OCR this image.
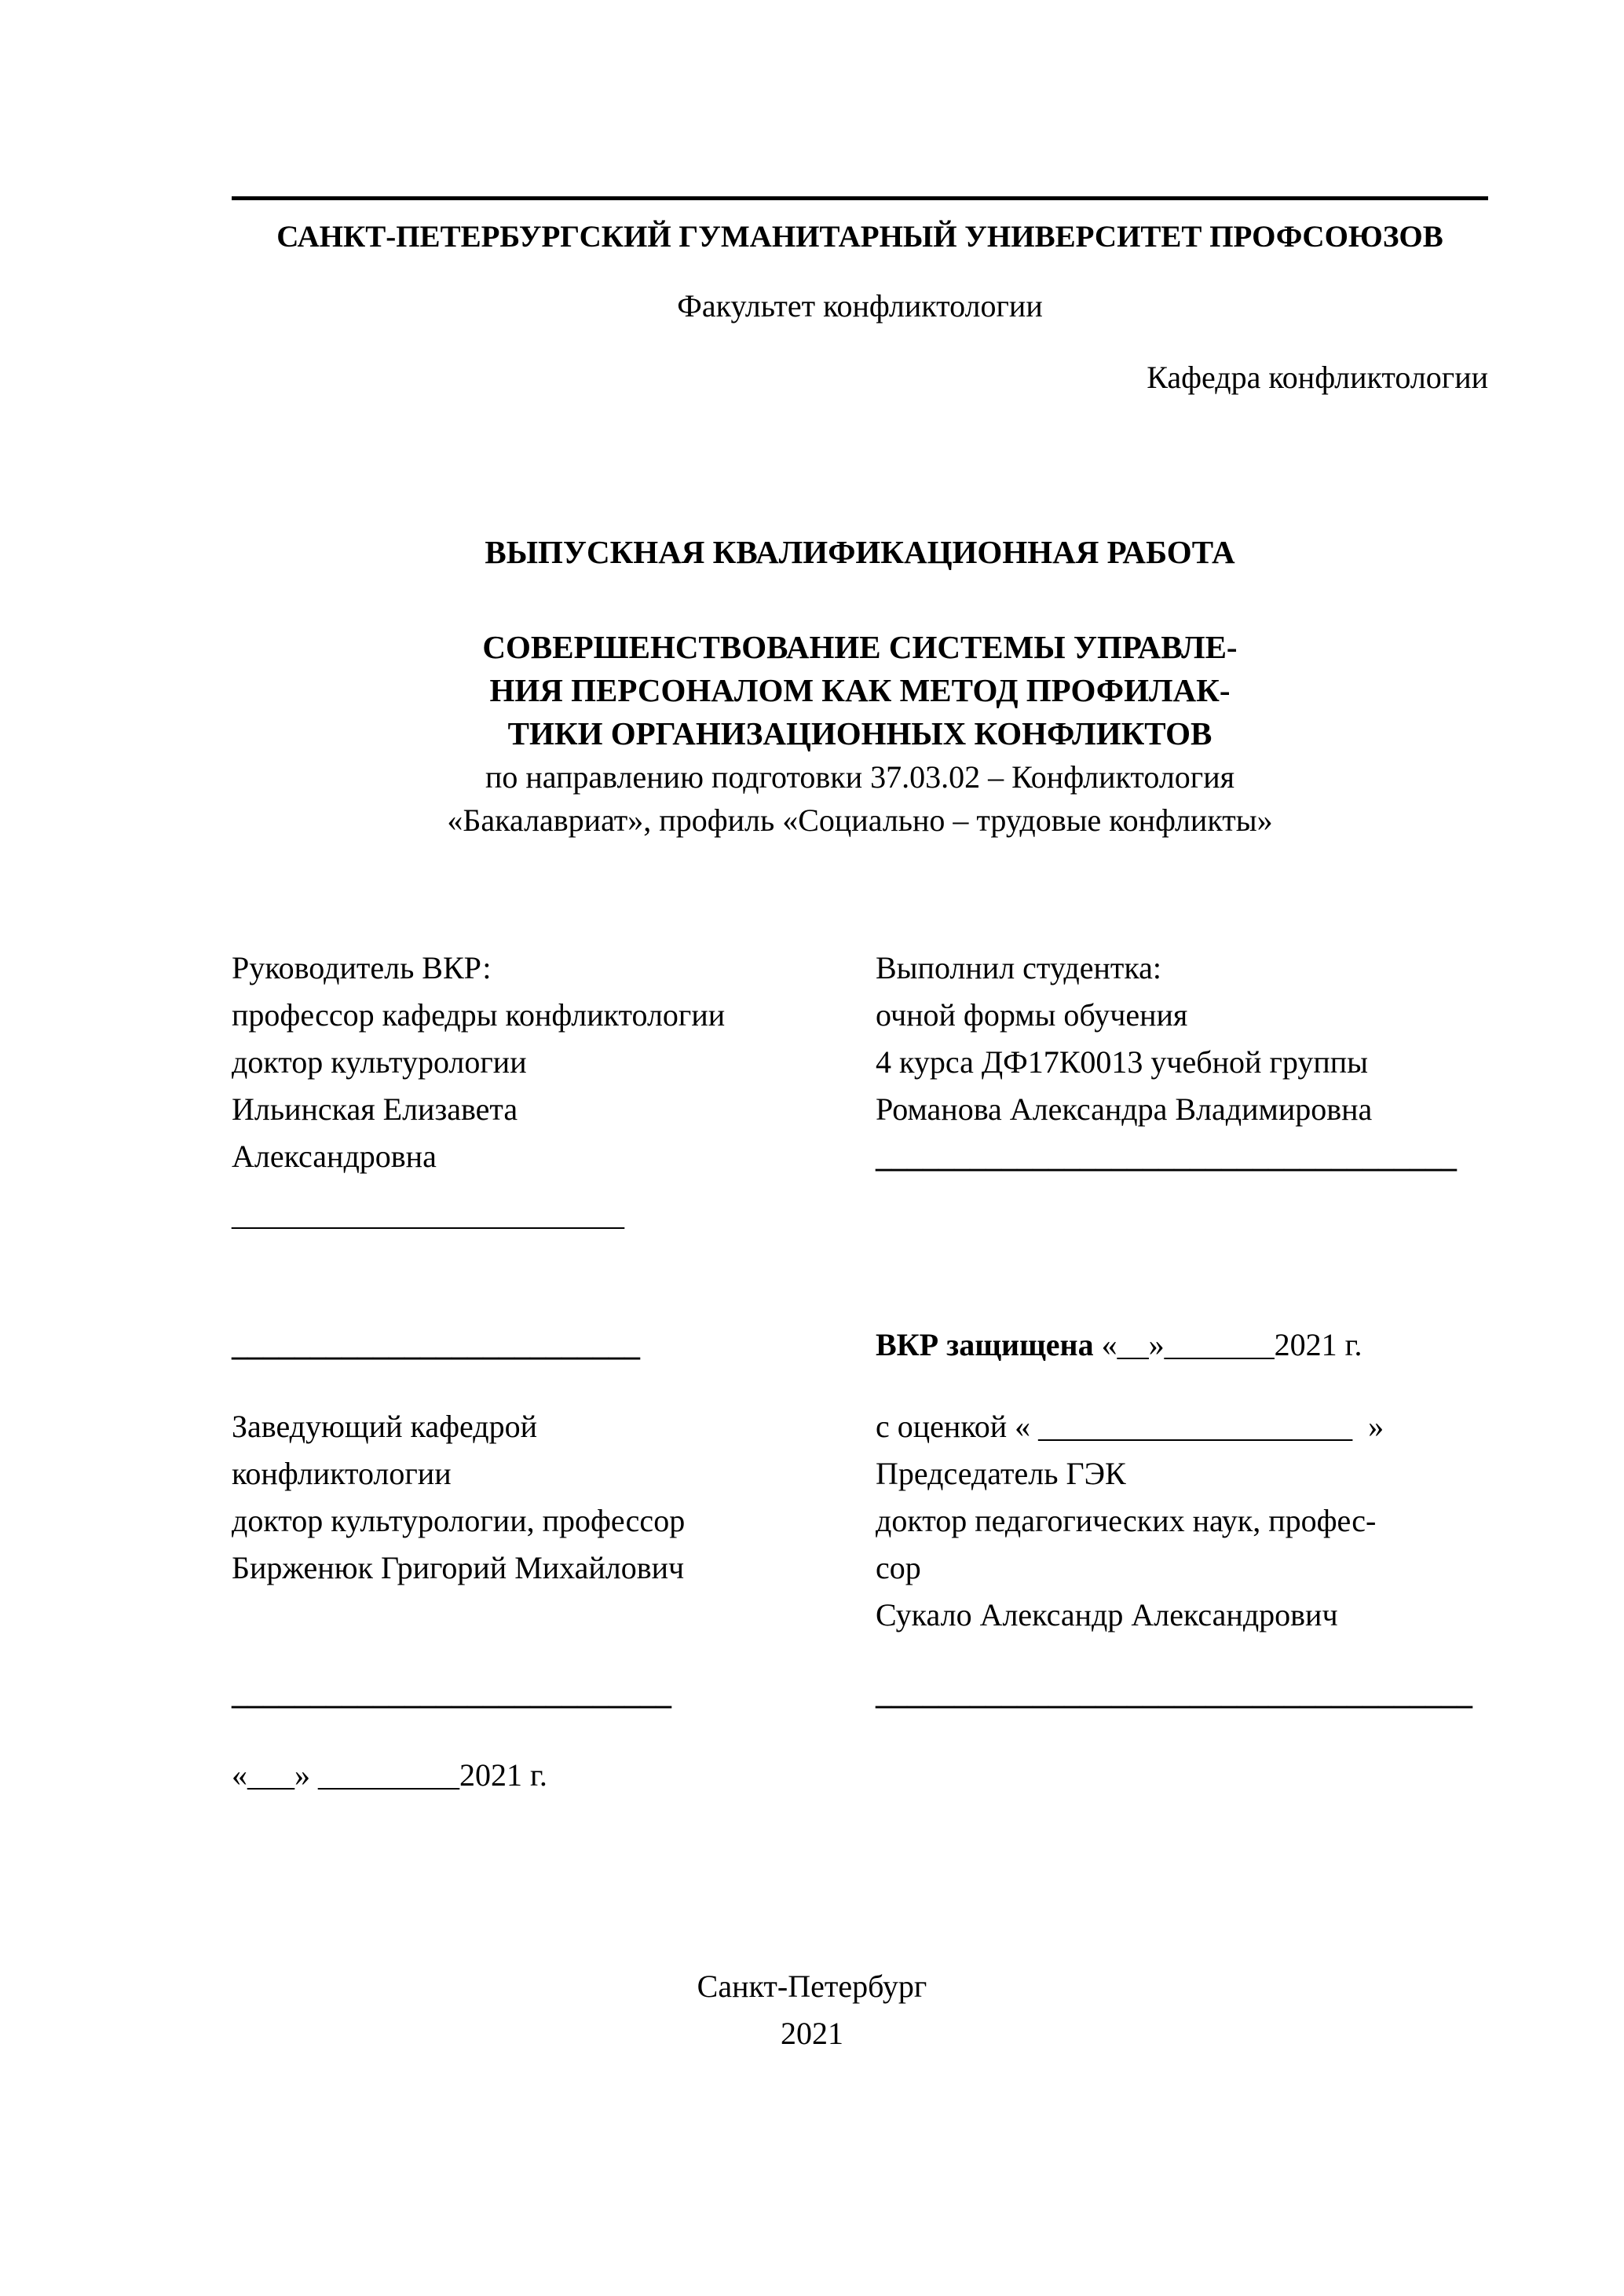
САНКТ-ПЕТЕРБУРГСКИЙ ГУМАНИТАРНЫЙ УНИВЕРСИТЕТ ПРОФСОЮЗОВ
Факультет конфликтологии
Кафедра конфликтологии
ВЫПУСКНАЯ КВАЛИФИКАЦИОННАЯ РАБОТА
СОВЕРШЕНСТВОВАНИЕ СИСТЕМЫ УПРАВЛЕ-
НИЯ ПЕРСОНАЛОМ КАК МЕТОД ПРОФИЛАК-
ТИКИ ОРГАНИЗАЦИОННЫХ КОНФЛИКТОВ
по направлению подготовки 37.03.02 – Конфликтология
«Бакалавриат», профиль «Социально – трудовые конфликты»
Руководитель ВКР:
профессор кафедры конфликтологии
доктор культурологии
Ильинская Елизавета
Александровна
_________________________
__________________________
Заведующий кафедрой
конфликтологии
доктор культурологии, профессор
Бирженюк Григорий Михайлович
____________________________
«___» _________2021 г.
Выполнил студентка:
очной формы обучения
4 курса ДФ17К0013 учебной группы
Романова Александра Владимировна
_____________________________________
ВКР защищена «__»_______2021 г.
с оценкой « ____________________  »
Председатель ГЭК
доктор педагогических наук, профес-
сор
Сукало Александр Александрович
______________________________________
Санкт-Петербург
2021
